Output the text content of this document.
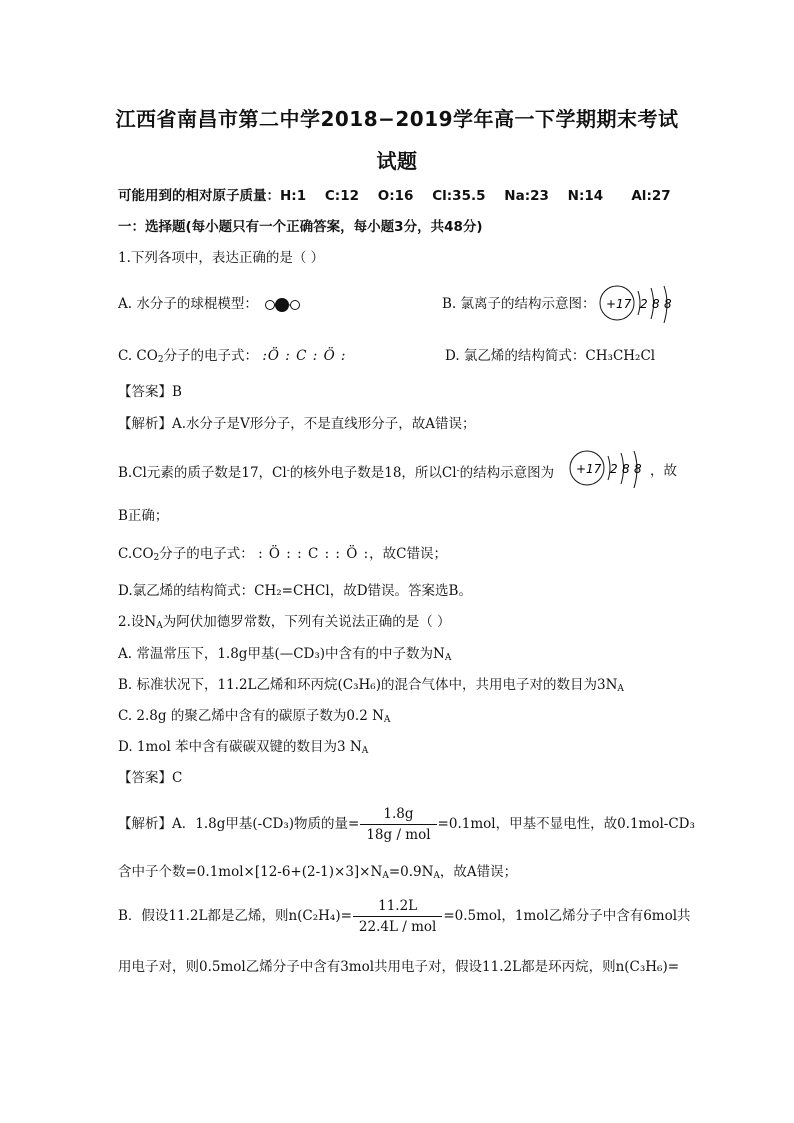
江西省南昌市第二中学2018−2019学年高一下学期期末考试
试题
可能用到的相对原子质量：H:1    C:12    O:16    Cl:35.5    Na:23    N:14      Al:27
一：选择题(每小题只有一个正确答案，每小题3分，共48分)
1.下列各项中，表达正确的是（ ）
A. 水分子的球棍模型：	B. 氯离子的结构示意图： +17 2 8 8
C. $CO_2$分子的电子式： :Ö : C : Ö :	D. 氯乙烯的结构简式：CH₃CH₂Cl
【答案】B
【解析】A.水分子是V形分子，不是直线形分子，故A错误；
B.Cl元素的质子数是17，Cl-的核外电子数是18，所以Cl-的结构示意图为 +17 2 8 8 ，故
B正确；
$C.CO_2$分子的电子式： : Ö : : C : : Ö :，故C错误；
D.氯乙烯的结构简式：CH₂=CHCl，故D错误。答案选B。
2.设$N_A$为阿伏加德罗常数，下列有关说法正确的是（ ）
A. 常温常压下，1.8g甲基(—CD₃)中含有的中子数为$N_A$
B. 标准状况下，11.2L乙烯和环丙烷(C₃H₆)的混合气体中，共用电子对的数目为$3N_A$
C. 2.8g 的聚乙烯中含有的碳原子数为0.2 $N_A$
D. 1mol 苯中含有碳碳双键的数目为3 $N_A$
【答案】C
【解析】A．1.8g甲基(-CD₃)物质的量= $\frac{1.8g}{\text{18g / mol}} =0.1mol$，甲基不显电性，故0.1mol-CD₃
含中子个数$=0.1mol\times[12-6+(2-1)\times 3]\times N_A=0.9N_A$，故A错误；
B．假设11.2L都是乙烯，则$n(C_2H_4)= \frac{11.2L}{\text{22.4L / mol}} =0.5mol$，1mol乙烯分子中含有6mol共
用电子对，则0.5mol乙烯分子中含有3mol共用电子对，假设11.2L都是环丙烷，则n(C₃H₆)=
